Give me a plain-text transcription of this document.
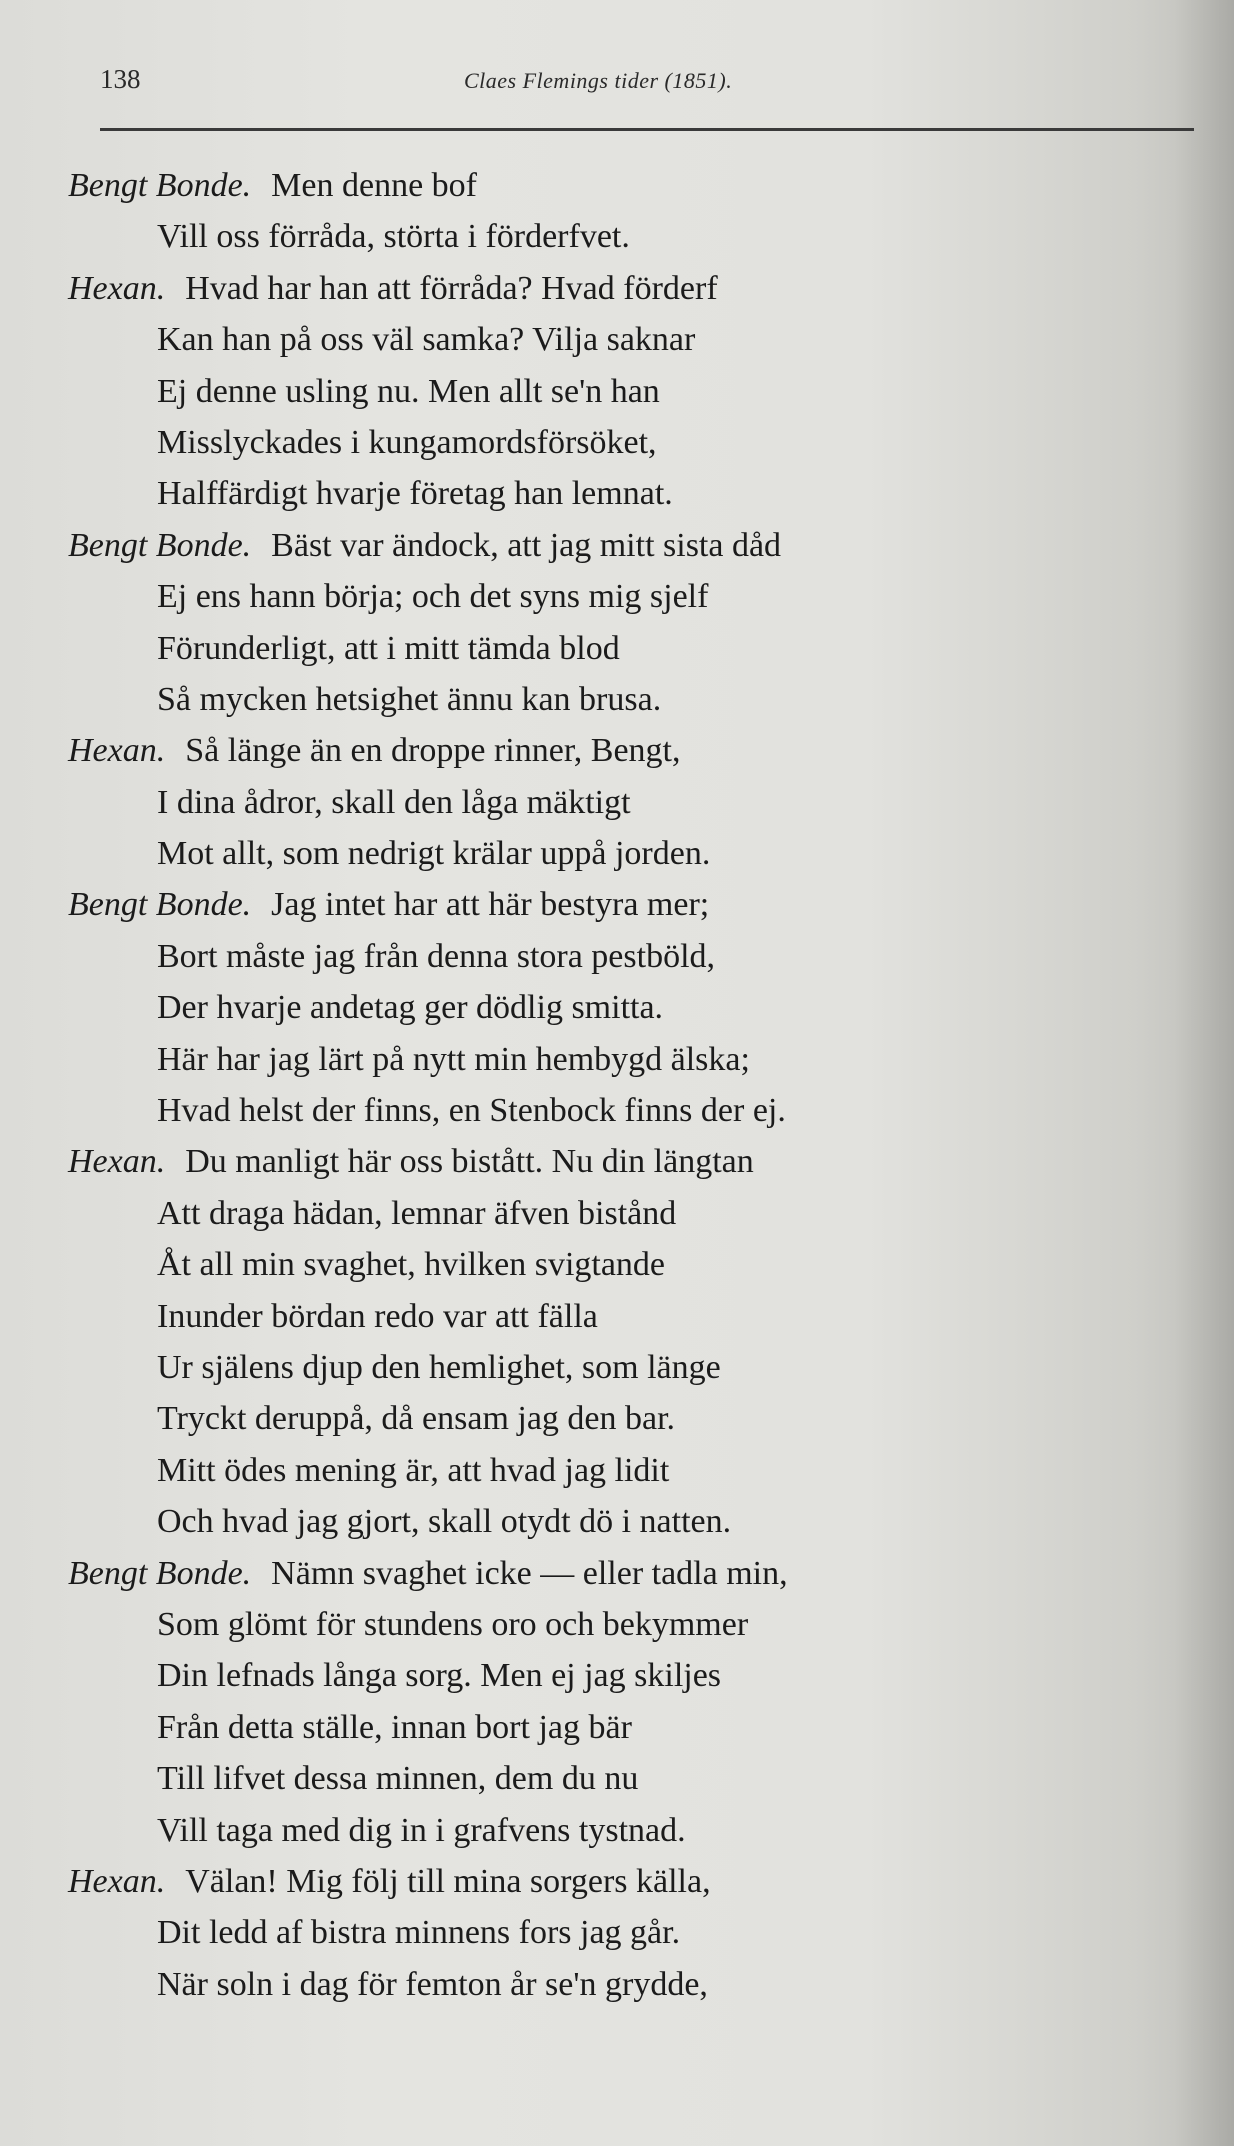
138	Claes Flemings tider (1851).
Bengt Bonde. Men denne bof
Vill oss förråda, störta i förderfvet.
Hexan. Hvad har han att förråda? Hvad förderf
Kan han på oss väl samka? Vilja saknar
Ej denne usling nu. Men allt se'n han
Misslyckades i kungamordsförsöket,
Halffärdigt hvarje företag han lemnat.
Bengt Bonde. Bäst var ändock, att jag mitt sista dåd
Ej ens hann börja; och det syns mig sjelf
Förunderligt, att i mitt tämda blod
Så mycken hetsighet ännu kan brusa.
Hexan. Så länge än en droppe rinner, Bengt,
I dina ådror, skall den låga mäktigt
Mot allt, som nedrigt krälar uppå jorden.
Bengt Bonde. Jag intet har att här bestyra mer;
Bort måste jag från denna stora pestböld,
Der hvarje andetag ger dödlig smitta.
Här har jag lärt på nytt min hembygd älska;
Hvad helst der finns, en Stenbock finns der ej.
Hexan. Du manligt här oss bistått. Nu din längtan
Att draga hädan, lemnar äfven bistånd
Åt all min svaghet, hvilken svigtande
Inunder bördan redo var att fälla
Ur själens djup den hemlighet, som länge
Tryckt deruppå, då ensam jag den bar.
Mitt ödes mening är, att hvad jag lidit
Och hvad jag gjort, skall otydt dö i natten.
Bengt Bonde. Nämn svaghet icke — eller tadla min,
Som glömt för stundens oro och bekymmer
Din lefnads långa sorg. Men ej jag skiljes
Från detta ställe, innan bort jag bär
Till lifvet dessa minnen, dem du nu
Vill taga med dig in i grafvens tystnad.
Hexan. Välan! Mig följ till mina sorgers källa,
Dit ledd af bistra minnens fors jag går.
När soln i dag för femton år se'n grydde,
